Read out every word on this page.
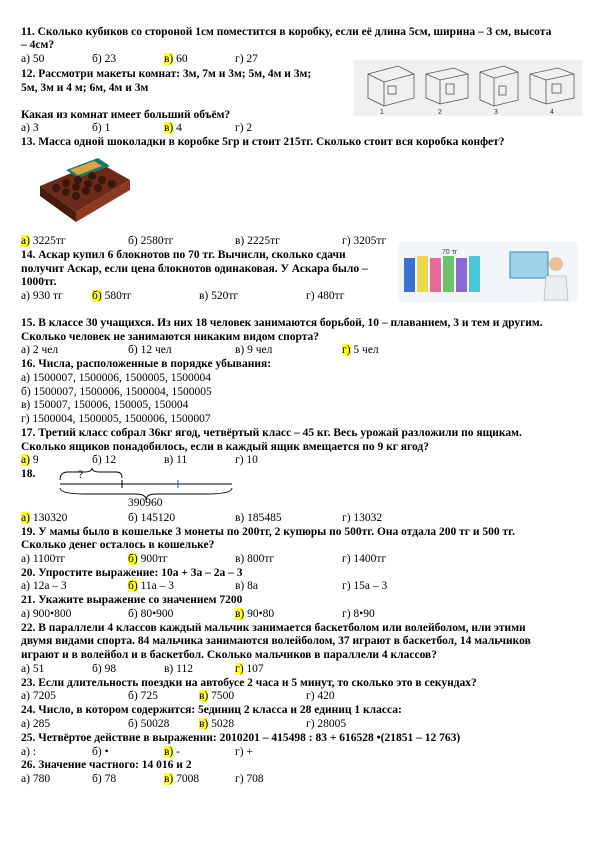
11. Сколько кубиков со стороной 1см поместится в коробку, если её длина 5см, ширина – 3 см, высота
– 4см?
а) 50	б) 23	в) 60	г) 27
12. Рассмотри макеты комнат: 3м, 7м и 3м; 5м, 4м и 3м;
5м, 3м и 4 м; 6м, 4м и 3м
1	2	3	4
Какая из комнат имеет больший объём?
а) 3	б) 1	в) 4	г) 2
13. Масса одной шоколадки в коробке 5гр и стоит 215тг. Сколько стоит вся коробка конфет?
а) 3225тг	б) 2580тг	в) 2225тг	г) 3205тг
14. Аскар купил 6 блокнотов по 70 тг. Вычисли, сколько сдачи
получит Аскар, если цена блокнотов одинаковая. У Аскара было –
1000тг.
70 тг
а) 930 тг	б) 580тг	в) 520тг	г) 480тг
15. В классе 30 учащихся. Из них 18 человек занимаются борьбой, 10 – плаванием, 3 и тем и другим.
Сколько человек не занимаются никаким видом спорта?
а) 2 чел	б) 12 чел	в) 9 чел	г) 5 чел
16. Числа, расположенные в порядке убывания:
а) 1500007, 1500006, 1500005, 1500004
б) 1500007, 1500006, 1500004, 1500005
в) 150007, 150006, 150005, 150004
г) 1500004, 1500005, 1500006, 1500007
17. Третий класс собрал 36кг ягод, четвёртый класс – 45 кг. Весь урожай разложили по ящикам.
Сколько ящиков понадобилось, если в каждый ящик вмещается по 9 кг ягод?
а) 9	б) 12	в) 11	г) 10
18.	?
390960
а) 130320	б) 145120	в) 185485	г) 13032
19. У мамы было в кошельке 3 монеты по 200тг, 2 купюры по 500тг. Она отдала 200 тг и 500 тг.
Сколько денег осталось в кошельке?
а) 1100тг	б) 900тг	в) 800тг	г) 1400тг
20. Упростите выражение: 10а + 3а – 2а – 3
а) 12а – 3	б) 11а – 3	в) 8а	г) 15а – 3
21. Укажите выражение со значением 7200
а) 900•800	б) 80•900	в) 90•80	г) 8•90
22. В параллели 4 классов каждый мальчик занимается баскетболом или волейболом, или этими
двумя видами спорта. 84 мальчика занимаются волейболом, 37 играют в баскетбол, 14 мальчиков
играют и в волейбол и в баскетбол. Сколько мальчиков в параллели 4 классов?
а) 51	б) 98	в) 112	г) 107
23. Если длительность поездки на автобусе 2 часа и 5 минут, то сколько это в секундах?
а) 7205	б) 725	в) 7500	г) 420
24. Число, в котором содержится: 5единиц 2 класса и 28 единиц 1 класса:
а) 285	б) 50028	в) 5028	г) 28005
25. Четвёртое действие в выражении: 2010201 – 415498 : 83 + 616528 •(21851 – 12 763)
а) :	б) •	в) -	г) +
26. Значение частного: 14 016 и 2
а) 780	б) 78	в) 7008	г) 708
